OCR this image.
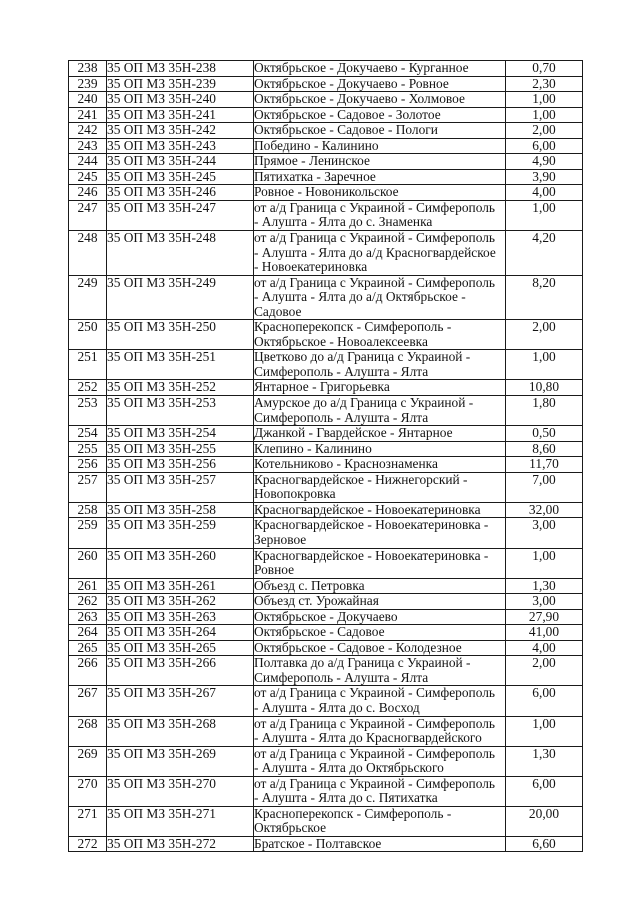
238	35 ОП МЗ 35Н-238	Октябрьское - Докучаево - Курганное	0,70
239	35 ОП МЗ 35Н-239	Октябрьское - Докучаево - Ровное	2,30
240	35 ОП МЗ 35Н-240	Октябрьское - Докучаево - Холмовое	1,00
241	35 ОП МЗ 35Н-241	Октябрьское - Садовое - Золотое	1,00
242	35 ОП МЗ 35Н-242	Октябрьское - Садовое - Пологи	2,00
243	35 ОП МЗ 35Н-243	Победино - Калинино	6,00
244	35 ОП МЗ 35Н-244	Прямое - Ленинское	4,90
245	35 ОП МЗ 35Н-245	Пятихатка - Заречное	3,90
246	35 ОП МЗ 35Н-246	Ровное - Новоникольское	4,00
247	35 ОП МЗ 35Н-247	от а/д Граница с Украиной - Симферополь
- Алушта - Ялта до с. Знаменка	1,00
248	35 ОП МЗ 35Н-248	от а/д Граница с Украиной - Симферополь
- Алушта - Ялта до а/д Красногвардейское
- Новоекатериновка	4,20
249	35 ОП МЗ 35Н-249	от а/д Граница с Украиной - Симферополь
- Алушта - Ялта до а/д Октябрьское -
Садовое	8,20
250	35 ОП МЗ 35Н-250	Красноперекопск - Симферополь -
Октябрьское - Новоалексеевка	2,00
251	35 ОП МЗ 35Н-251	Цветково до а/д Граница с Украиной -
Симферополь - Алушта - Ялта	1,00
252	35 ОП МЗ 35Н-252	Янтарное - Григорьевка	10,80
253	35 ОП МЗ 35Н-253	Амурское до а/д Граница с Украиной -
Симферополь - Алушта - Ялта	1,80
254	35 ОП МЗ 35Н-254	Джанкой - Гвардейское - Янтарное	0,50
255	35 ОП МЗ 35Н-255	Клепино - Калинино	8,60
256	35 ОП МЗ 35Н-256	Котельниково - Краснознаменка	11,70
257	35 ОП МЗ 35Н-257	Красногвардейское - Нижнегорский -
Новопокровка	7,00
258	35 ОП МЗ 35Н-258	Красногвардейское - Новоекатериновка	32,00
259	35 ОП МЗ 35Н-259	Красногвардейское - Новоекатериновка -
Зерновое	3,00
260	35 ОП МЗ 35Н-260	Красногвардейское - Новоекатериновка -
Ровное	1,00
261	35 ОП МЗ 35Н-261	Объезд с. Петровка	1,30
262	35 ОП МЗ 35Н-262	Объезд ст. Урожайная	3,00
263	35 ОП МЗ 35Н-263	Октябрьское - Докучаево	27,90
264	35 ОП МЗ 35Н-264	Октябрьское - Садовое	41,00
265	35 ОП МЗ 35Н-265	Октябрьское - Садовое - Колодезное	4,00
266	35 ОП МЗ 35Н-266	Полтавка до а/д Граница с Украиной -
Симферополь - Алушта - Ялта	2,00
267	35 ОП МЗ 35Н-267	от а/д Граница с Украиной - Симферополь
- Алушта - Ялта до с. Восход	6,00
268	35 ОП МЗ 35Н-268	от а/д Граница с Украиной - Симферополь
- Алушта - Ялта до Красногвардейского	1,00
269	35 ОП МЗ 35Н-269	от а/д Граница с Украиной - Симферополь
- Алушта - Ялта до Октябрьского	1,30
270	35 ОП МЗ 35Н-270	от а/д Граница с Украиной - Симферополь
- Алушта - Ялта до с. Пятихатка	6,00
271	35 ОП МЗ 35Н-271	Красноперекопск - Симферополь -
Октябрьское	20,00
272	35 ОП МЗ 35Н-272	Братское - Полтавское	6,60
